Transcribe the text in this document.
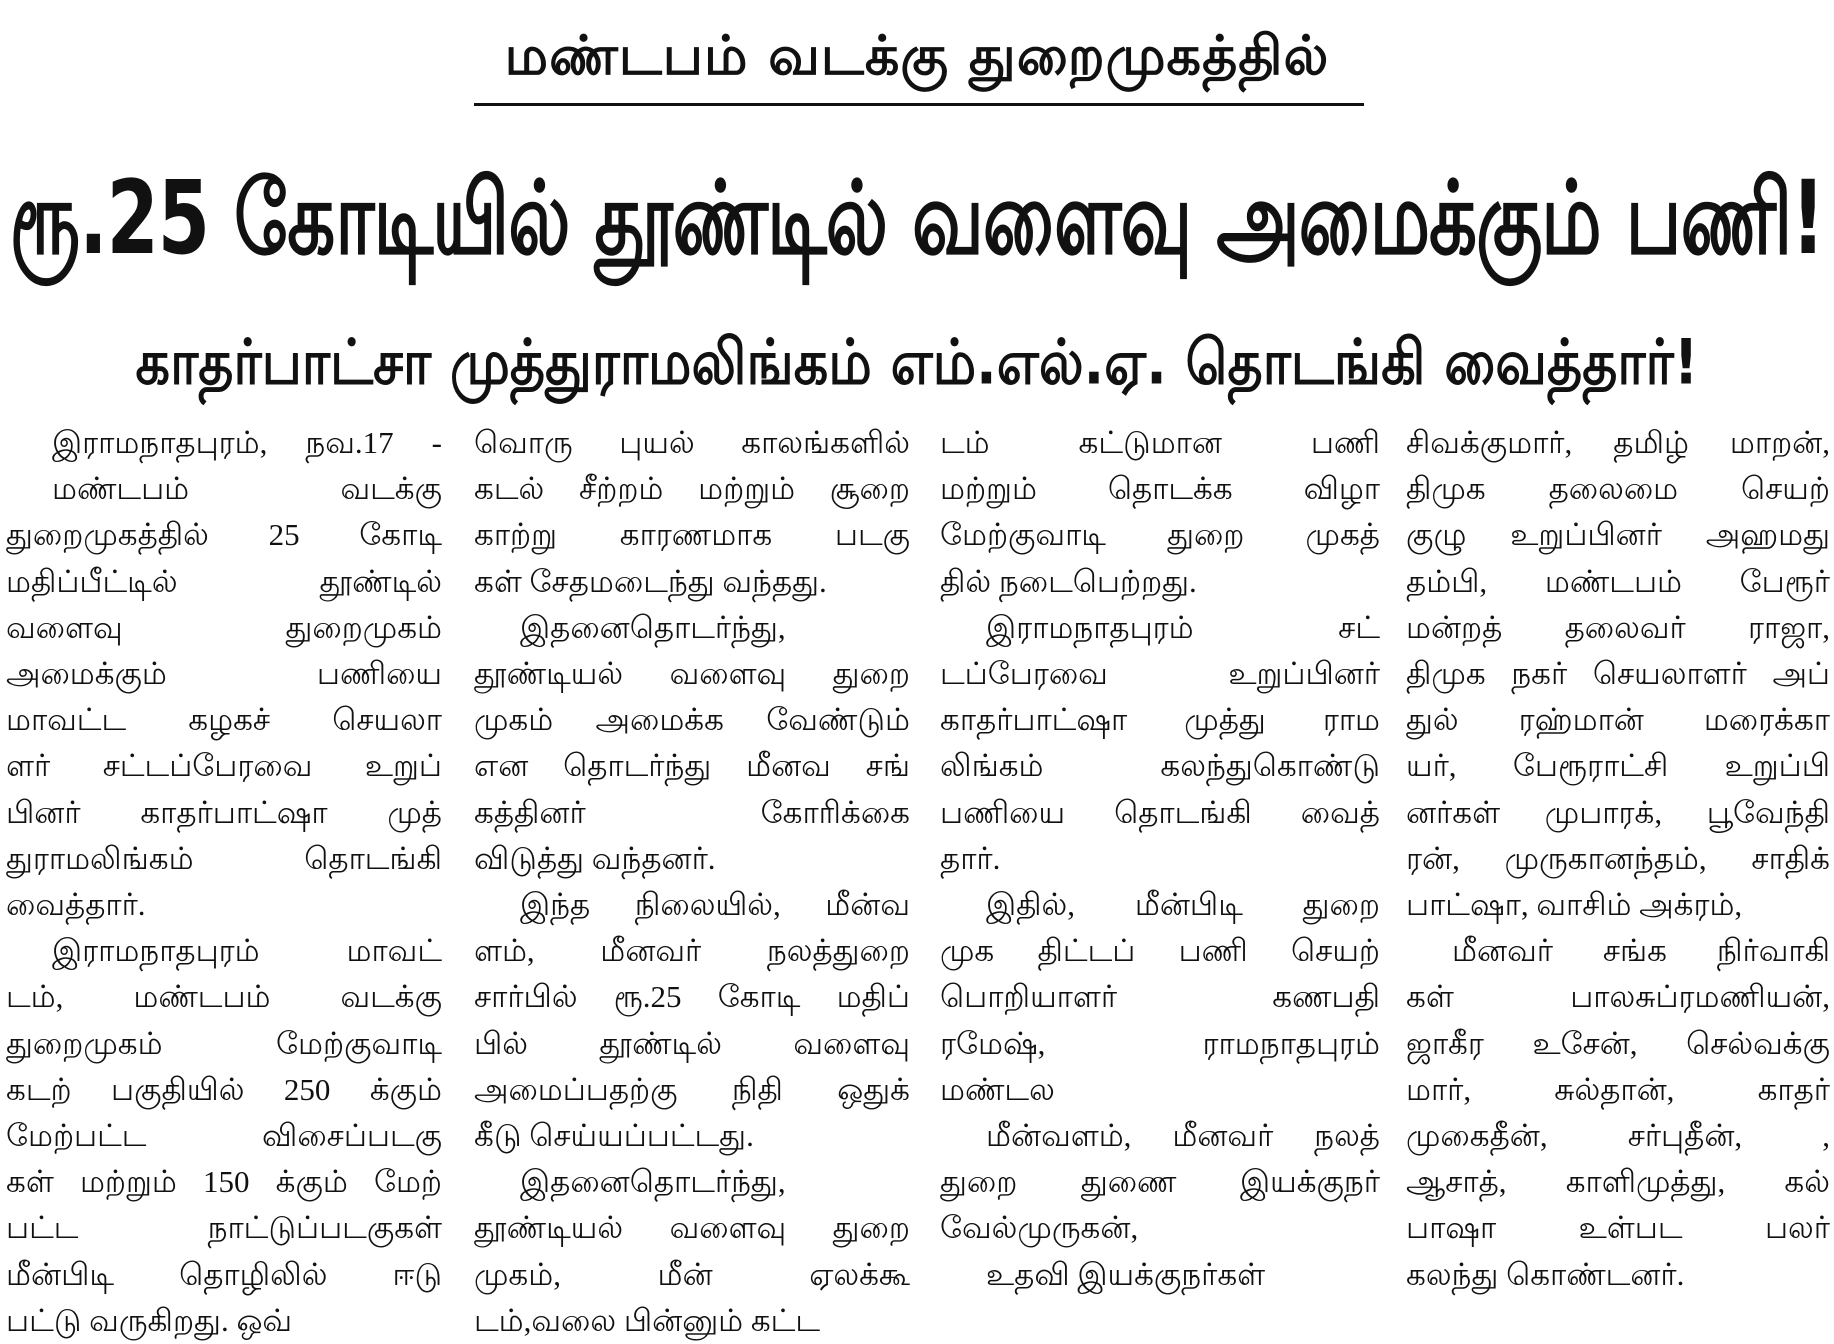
மண்டபம் வடக்கு துறைமுகத்தில்
ரூ.25 கோடியில் தூண்டில் வளைவு அமைக்கும் பணி!
காதர்பாட்சா முத்துராமலிங்கம் எம்.எல்.ஏ. தொடங்கி வைத்தார்!

இராமநாதபுரம், நவ.17 -

மண்டபம் வடக்கு

துறைமுகத்தில் 25 கோடி

மதிப்பீட்டில் தூண்டில்

வளைவு துறைமுகம்

அமைக்கும் பணியை

மாவட்ட கழகச் செயலா

ளர் சட்டப்பேரவை உறுப்

பினர் காதர்பாட்ஷா முத்

துராமலிங்கம் தொடங்கி

வைத்தார்.

இராமநாதபுரம் மாவட்

டம், மண்டபம் வடக்கு

துறைமுகம் மேற்குவாடி

கடற் பகுதியில் 250 க்கும்

மேற்பட்ட விசைப்படகு

கள் மற்றும் 150 க்கும் மேற்

பட்ட நாட்டுப்படகுகள்

மீன்பிடி தொழிலில் ஈடு

பட்டு வருகிறது. ஒவ்

வொரு புயல் காலங்களில்

கடல் சீற்றம் மற்றும் சூறை

காற்று காரணமாக படகு

கள் சேதமடைந்து வந்தது.

இதனைதொடர்ந்து,

தூண்டியல் வளைவு துறை

முகம் அமைக்க வேண்டும்

என தொடர்ந்து மீனவ சங்

கத்தினர் கோரிக்கை

விடுத்து வந்தனர்.

இந்த நிலையில், மீன்வ

ளம், மீனவர் நலத்துறை

சார்பில் ரூ.25 கோடி மதிப்

பில் தூண்டில் வளைவு

அமைப்பதற்கு நிதி ஒதுக்

கீடு செய்யப்பட்டது.

இதனைதொடர்ந்து,

தூண்டியல் வளைவு துறை

முகம், மீன் ஏலக்கூ

டம்,வலை பின்னும் கட்ட

டம் கட்டுமான பணி

மற்றும் தொடக்க விழா

மேற்குவாடி துறை முகத்

தில் நடைபெற்றது.

இராமநாதபுரம் சட்

டப்பேரவை உறுப்பினர்

காதர்பாட்ஷா முத்து ராம

லிங்கம் கலந்துகொண்டு

பணியை தொடங்கி வைத்

தார்.

இதில், மீன்பிடி துறை

முக திட்டப் பணி செயற்

பொறியாளர் கணபதி

ரமேஷ், ராமநாதபுரம்

மண்டல

மீன்வளம், மீனவர் நலத்

துறை துணை இயக்குநர்

வேல்முருகன்,

உதவி இயக்குநர்கள்

சிவக்குமார், தமிழ் மாறன்,

திமுக தலைமை செயற்

குழு உறுப்பினர் அஹமது

தம்பி, மண்டபம் பேரூர்

மன்றத் தலைவர் ராஜா,

திமுக நகர் செயலாளர் அப்

துல் ரஹ்மான் மரைக்கா

யர், பேரூராட்சி உறுப்பி

னர்கள் முபாரக், பூவேந்தி

ரன், முருகானந்தம், சாதிக்

பாட்ஷா, வாசிம் அக்ரம்,

மீனவர் சங்க நிர்வாகி

கள் பாலசுப்ரமணியன்,

ஜாகீர உசேன், செல்வக்கு

மார், சுல்தான், காதர்

முகைதீன், சர்புதீன், ,

ஆசாத், காளிமுத்து, கல்

பாஷா உள்பட பலர்

கலந்து கொண்டனர்.
